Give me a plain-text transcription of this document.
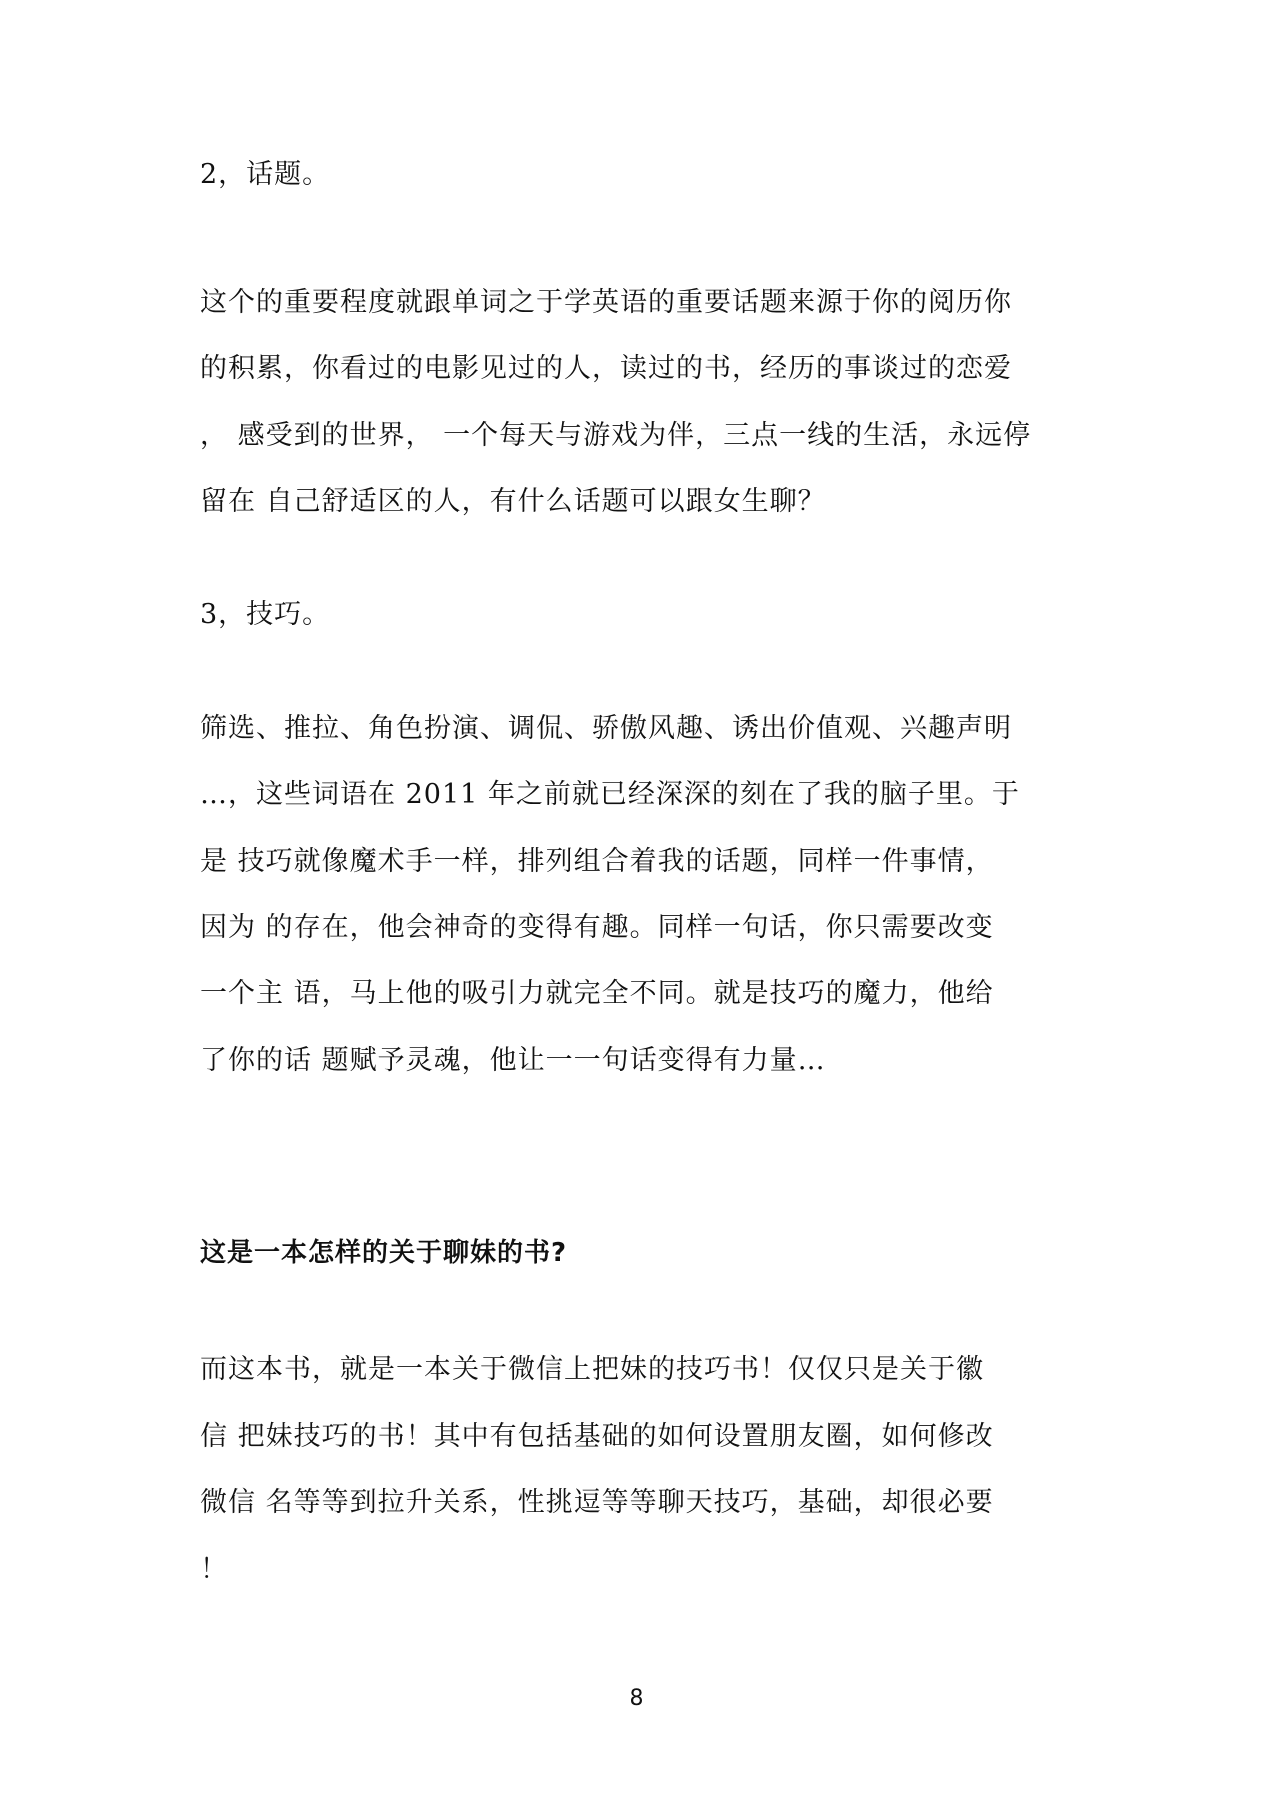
2，话题。
这个的重要程度就跟单词之于学英语的重要话题来源于你的阅历你
的积累，你看过的电影见过的人，读过的书，经历的事谈过的恋爱
， 感受到的世界， 一个每天与游戏为伴，三点一线的生活，永远停
留在 自己舒适区的人，有什么话题可以跟女生聊？
3，技巧。
筛选、推拉、角色扮演、调侃、骄傲风趣、诱出价值观、兴趣声明
…，这些词语在 2011 年之前就已经深深的刻在了我的脑子里。于
是 技巧就像魔术手一样，排列组合着我的话题，同样一件事情，
因为 的存在，他会神奇的变得有趣。同样一句话，你只需要改变
一个主 语，马上他的吸引力就完全不同。就是技巧的魔力，他给
了你的话 题赋予灵魂，他让一一句话变得有力量…
这是一本怎样的关于聊妹的书?
而这本书，就是一本关于微信上把妹的技巧书！仅仅只是关于徽
信 把妹技巧的书！其中有包括基础的如何设置朋友圈，如何修改
微信 名等等到拉升关系，性挑逗等等聊天技巧，基础，却很必要
！
8
